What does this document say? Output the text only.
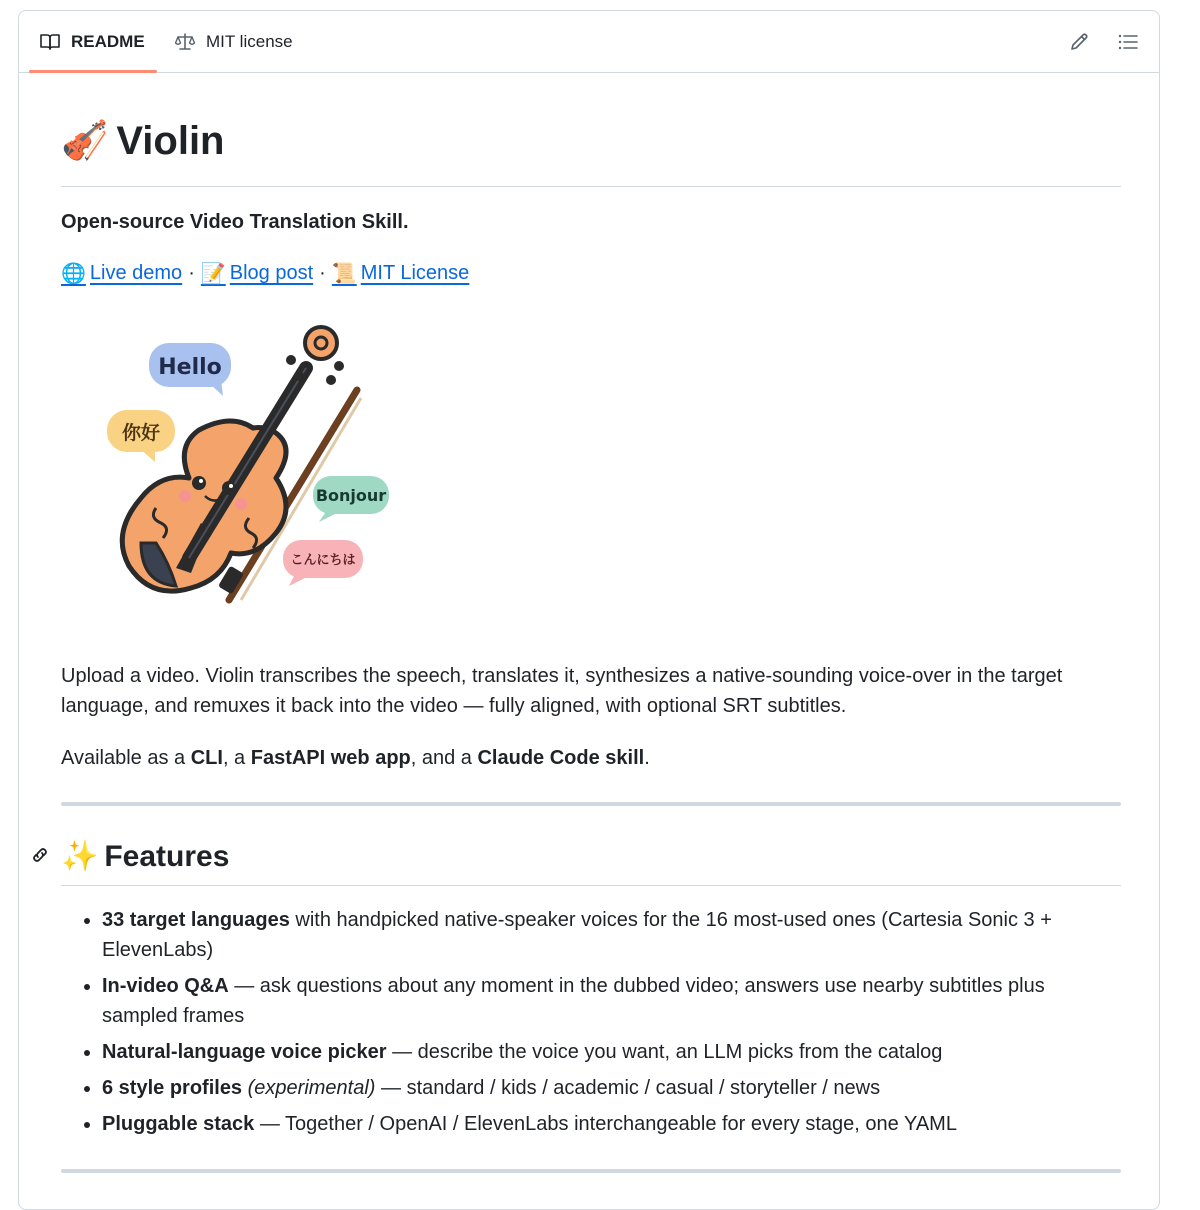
README	MIT license
🎻 Violin
Open-source Video Translation Skill.
🌐 Live demo · 📝 Blog post · 📜 MIT License
Hello
你好
Bonjour
こんにちは

Upload a video. Violin transcribes the speech, translates it, synthesizes a native-sounding voice-over in the target language, and remuxes it back into the video — fully aligned, with optional SRT subtitles.

Available as a CLI, a FastAPI web app, and a Claude Code skill.

✨ Features
• 33 target languages with handpicked native-speaker voices for the 16 most-used ones (Cartesia Sonic 3 + ElevenLabs)
• In-video Q&A — ask questions about any moment in the dubbed video; answers use nearby subtitles plus sampled frames
• Natural-language voice picker — describe the voice you want, an LLM picks from the catalog
• 6 style profiles (experimental) — standard / kids / academic / casual / storyteller / news
• Pluggable stack — Together / OpenAI / ElevenLabs interchangeable for every stage, one YAML
